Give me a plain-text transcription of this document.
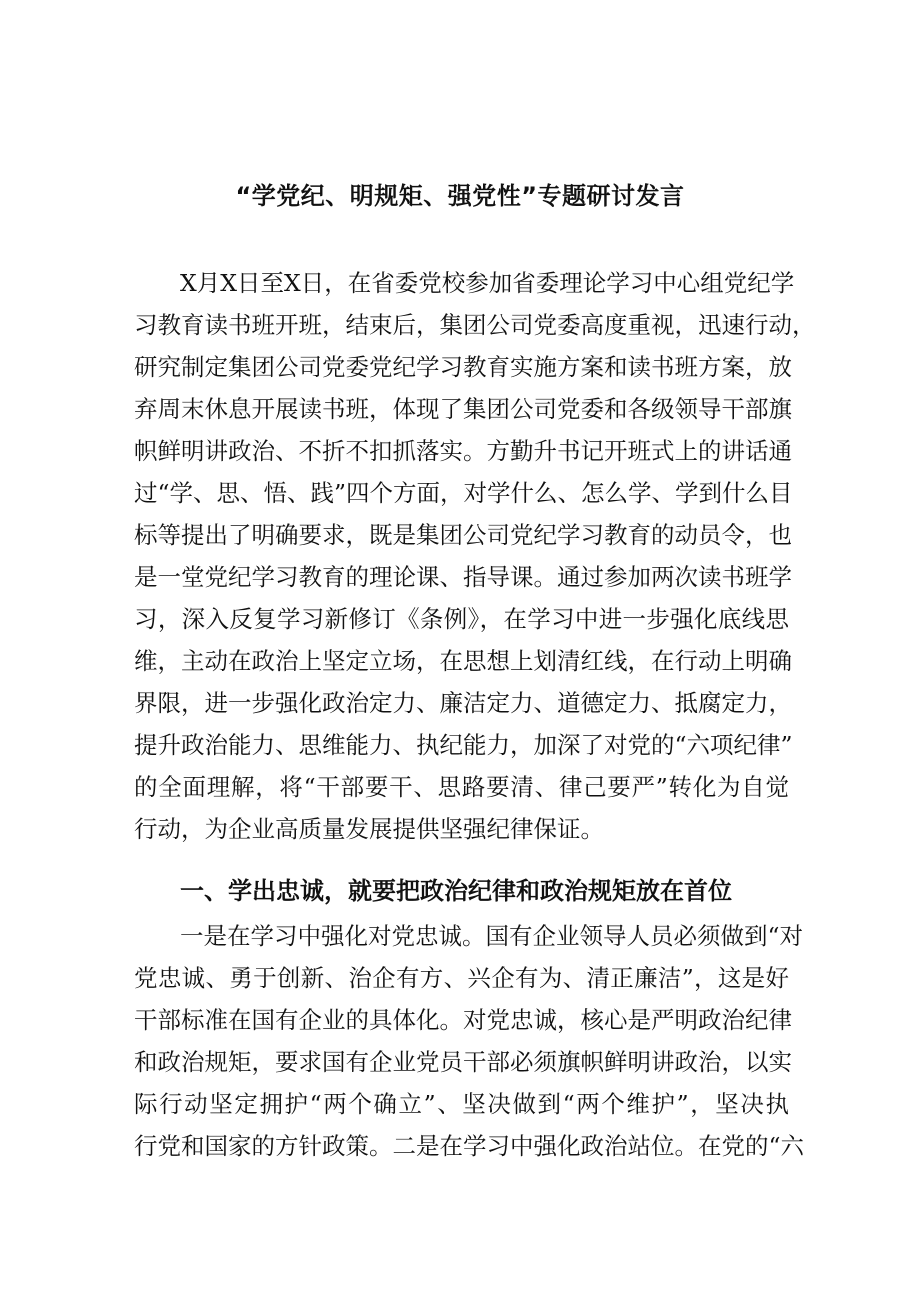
“学党纪、明规矩、强党性”专题研讨发言
X月X日至X日，在省委党校参加省委理论学习中心组党纪学
习教育读书班开班，结束后，集团公司党委高度重视，迅速行动，
研究制定集团公司党委党纪学习教育实施方案和读书班方案，放
弃周末休息开展读书班，体现了集团公司党委和各级领导干部旗
帜鲜明讲政治、不折不扣抓落实。方勤升书记开班式上的讲话通
过“学、思、悟、践”四个方面，对学什么、怎么学、学到什么目
标等提出了明确要求，既是集团公司党纪学习教育的动员令，也
是一堂党纪学习教育的理论课、指导课。通过参加两次读书班学
习，深入反复学习新修订《条例》，在学习中进一步强化底线思
维，主动在政治上坚定立场，在思想上划清红线，在行动上明确
界限，进一步强化政治定力、廉洁定力、道德定力、抵腐定力，
提升政治能力、思维能力、执纪能力，加深了对党的“六项纪律”
的全面理解，将“干部要干、思路要清、律己要严”转化为自觉
行动，为企业高质量发展提供坚强纪律保证。
一、学出忠诚，就要把政治纪律和政治规矩放在首位
一是在学习中强化对党忠诚。国有企业领导人员必须做到“对
党忠诚、勇于创新、治企有方、兴企有为、清正廉洁”，这是好
干部标准在国有企业的具体化。对党忠诚，核心是严明政治纪律
和政治规矩，要求国有企业党员干部必须旗帜鲜明讲政治，以实
际行动坚定拥护“两个确立”、坚决做到“两个维护”，坚决执
行党和国家的方针政策。二是在学习中强化政治站位。在党的“六
